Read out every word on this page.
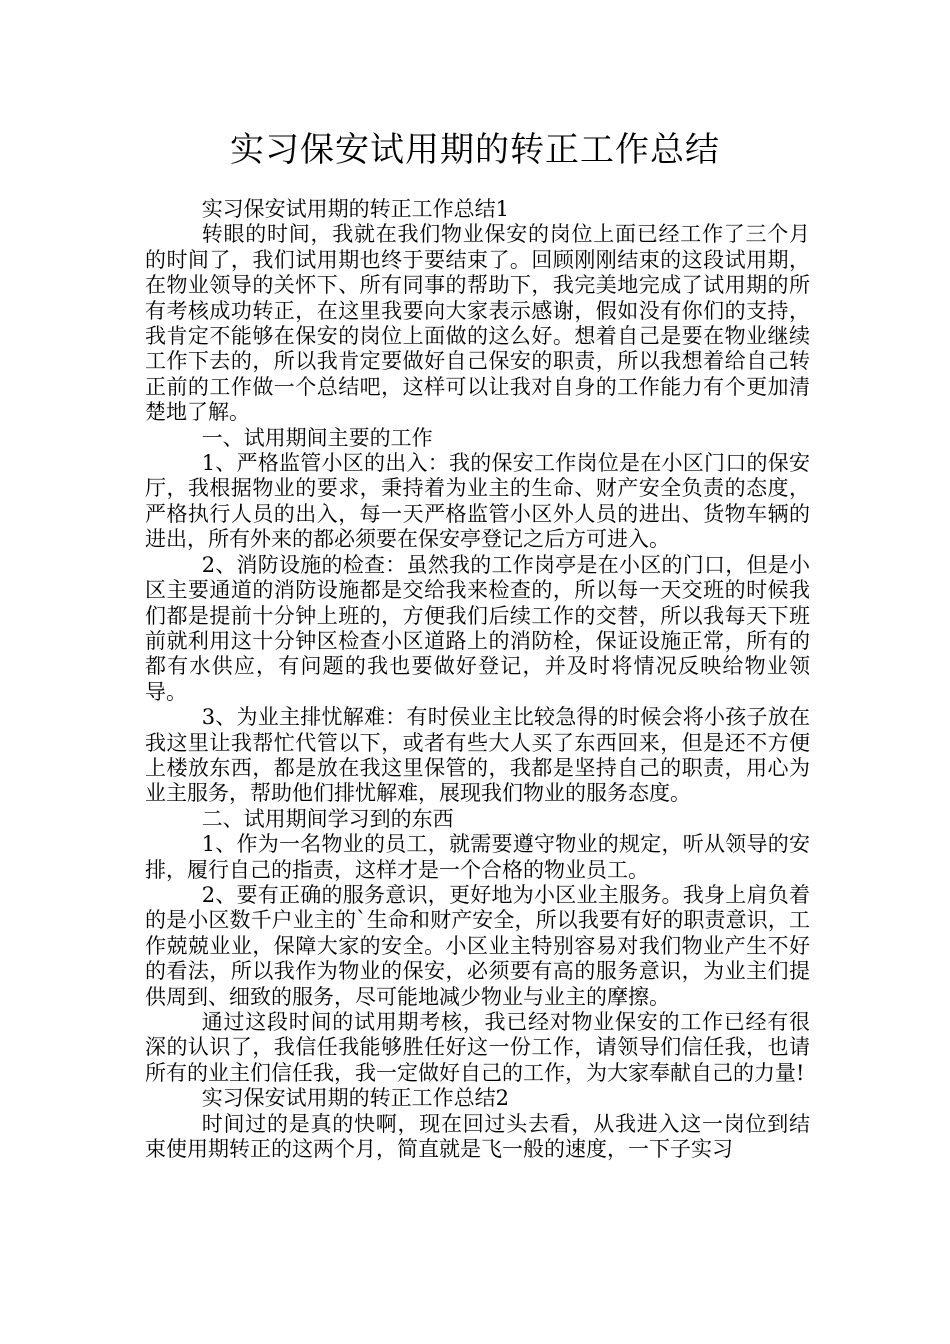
实习保安试用期的转正工作总结

实习保安试用期的转正工作总结1

转眼的时间，我就在我们物业保安的岗位上面已经工作了三个月的时间了，我们试用期也终于要结束了。回顾刚刚结束的这段试用期，在物业领导的关怀下、所有同事的帮助下，我完美地完成了试用期的所有考核成功转正，在这里我要向大家表示感谢，假如没有你们的支持，我肯定不能够在保安的岗位上面做的这么好。想着自己是要在物业继续工作下去的，所以我肯定要做好自己保安的职责，所以我想着给自己转正前的工作做一个总结吧，这样可以让我对自身的工作能力有个更加清楚地了解。

一、试用期间主要的工作

1、严格监管小区的出入：我的保安工作岗位是在小区门口的保安厅，我根据物业的要求，秉持着为业主的生命、财产安全负责的态度，严格执行人员的出入，每一天严格监管小区外人员的进出、货物车辆的进出，所有外来的都必须要在保安亭登记之后方可进入。

2、消防设施的检查：虽然我的工作岗亭是在小区的门口，但是小区主要通道的消防设施都是交给我来检查的，所以每一天交班的时候我们都是提前十分钟上班的，方便我们后续工作的交替，所以我每天下班前就利用这十分钟区检查小区道路上的消防栓，保证设施正常，所有的都有水供应，有问题的我也要做好登记，并及时将情况反映给物业领导。

3、为业主排忧解难：有时侯业主比较急得的时候会将小孩子放在我这里让我帮忙代管以下，或者有些大人买了东西回来，但是还不方便上楼放东西，都是放在我这里保管的，我都是坚持自己的职责，用心为业主服务，帮助他们排忧解难，展现我们物业的服务态度。

二、试用期间学习到的东西

1、作为一名物业的员工，就需要遵守物业的规定，听从领导的安排，履行自己的指责，这样才是一个合格的物业员工。

2、要有正确的服务意识，更好地为小区业主服务。我身上肩负着的是小区数千户业主的`生命和财产安全，所以我要有好的职责意识，工作兢兢业业，保障大家的安全。小区业主特别容易对我们物业产生不好的看法，所以我作为物业的保安，必须要有高的服务意识，为业主们提供周到、细致的服务，尽可能地减少物业与业主的摩擦。

通过这段时间的试用期考核，我已经对物业保安的工作已经有很深的认识了，我信任我能够胜任好这一份工作，请领导们信任我，也请所有的业主们信任我，我一定做好自己的工作，为大家奉献自己的力量!

实习保安试用期的转正工作总结2

时间过的是真的快啊，现在回过头去看，从我进入这一岗位到结束使用期转正的这两个月，简直就是飞一般的速度，一下子实习
